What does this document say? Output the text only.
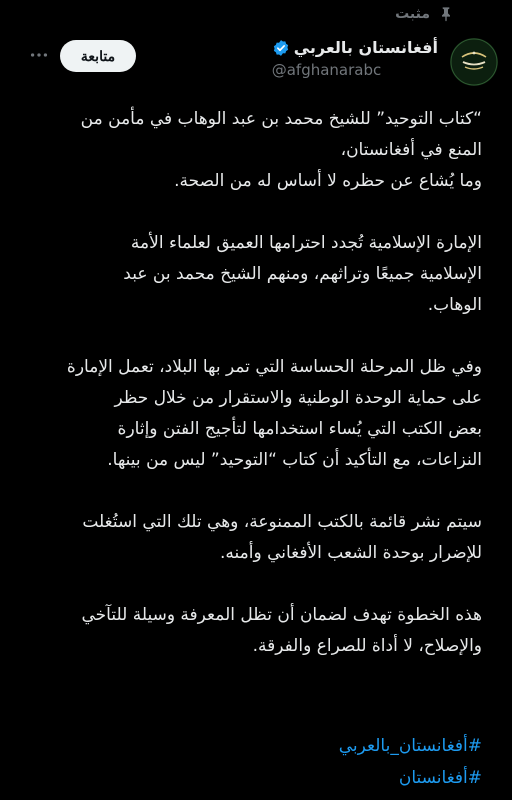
مثبت
أفغانستان بالعربي
@afghanarabc
متابعة

“كتاب التوحيد” للشيخ محمد بن عبد الوهاب في مأمن من
المنع في أفغانستان،
وما يُشاع عن حظره لا أساس له من الصحة.

الإمارة الإسلامية تُجدد احترامها العميق لعلماء الأمة
الإسلامية جميعًا وتراثهم، ومنهم الشيخ محمد بن عبد
الوهاب.

وفي ظل المرحلة الحساسة التي تمر بها البلاد، تعمل الإمارة
على حماية الوحدة الوطنية والاستقرار من خلال حظر
بعض الكتب التي يُساء استخدامها لتأجيج الفتن وإثارة
النزاعات، مع التأكيد أن كتاب “التوحيد” ليس من بينها.

سيتم نشر قائمة بالكتب الممنوعة، وهي تلك التي استُغلت
للإضرار بوحدة الشعب الأفغاني وأمنه.

هذه الخطوة تهدف لضمان أن تظل المعرفة وسيلة للتآخي
والإصلاح، لا أداة للصراع والفرقة.

#أفغانستان_بالعربي
#أفغانستان
